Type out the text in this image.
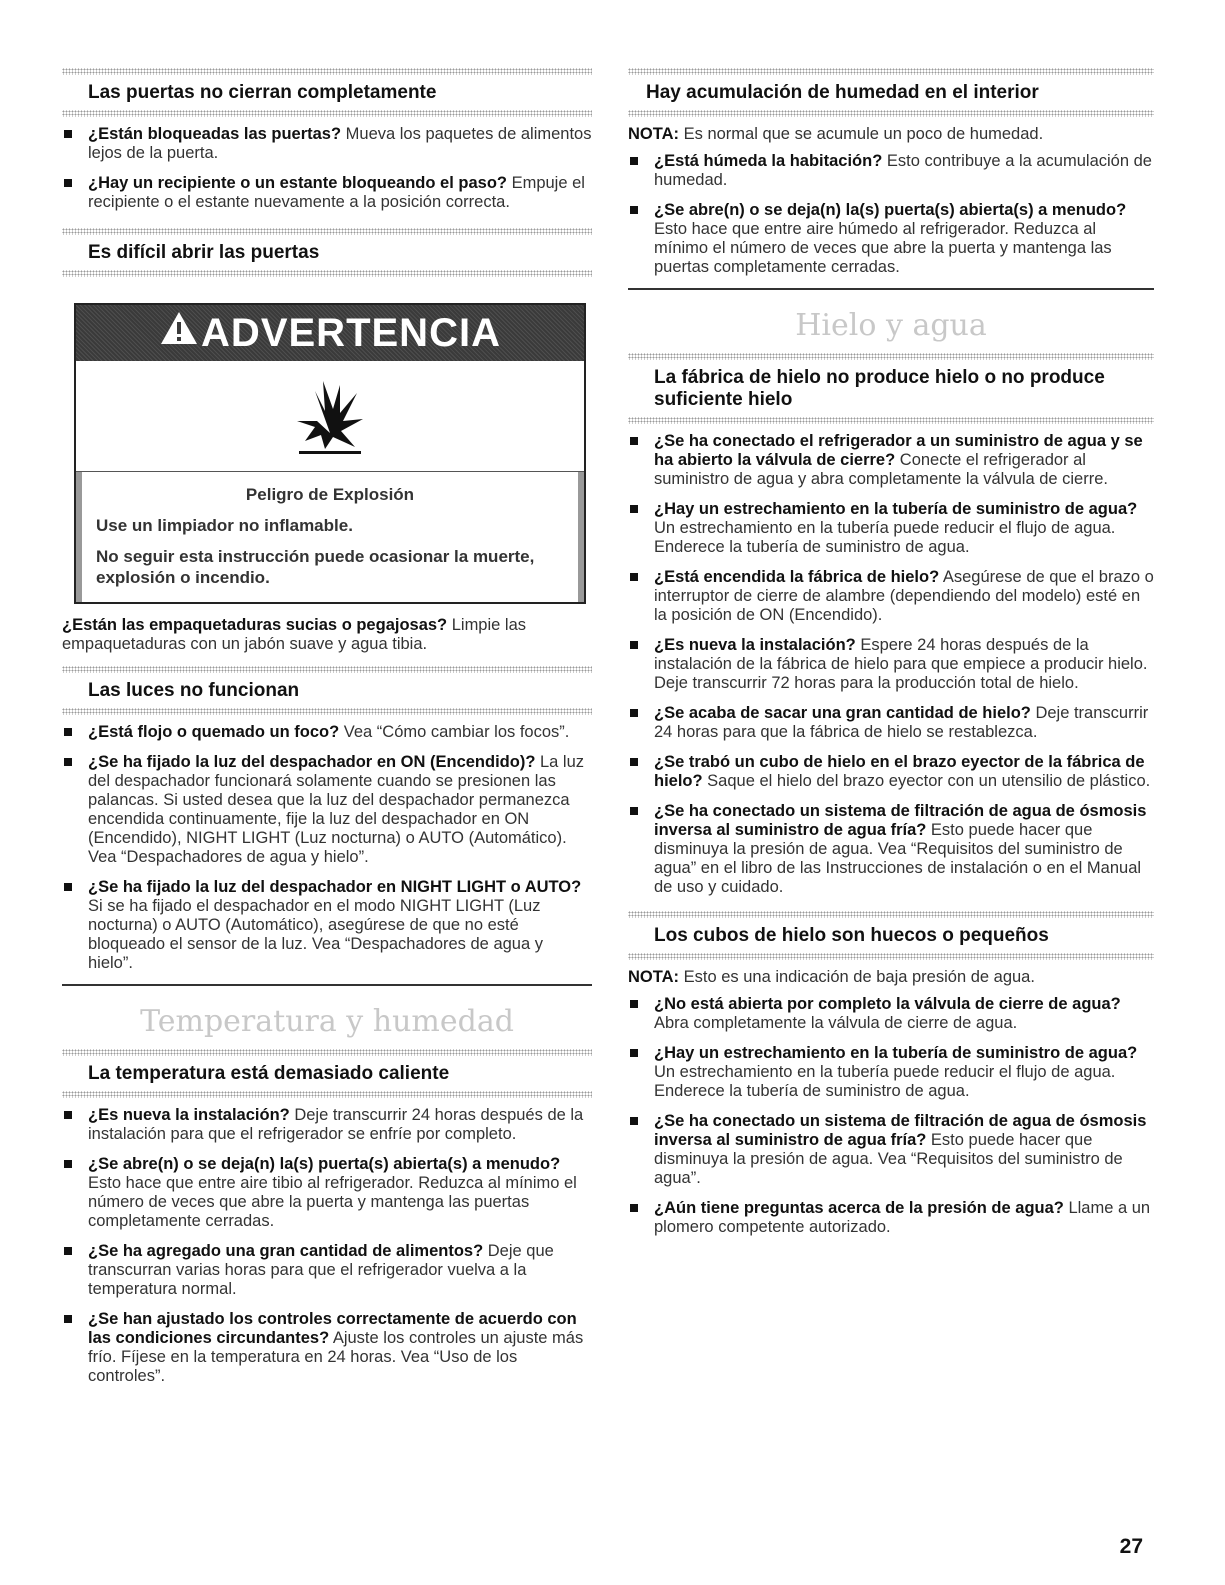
Las puertas no cierran completamente
¿Están bloqueadas las puertas? Mueva los paquetes de alimentos lejos de la puerta.
¿Hay un recipiente o un estante bloqueando el paso? Empuje el recipiente o el estante nuevamente a la posición correcta.
Es difícil abrir las puertas
ADVERTENCIA
Peligro de Explosión

Use un limpiador no inflamable.

No seguir esta instrucción puede ocasionar la muerte, explosión o incendio.

¿Están las empaquetaduras sucias o pegajosas? Limpie las empaquetaduras con un jabón suave y agua tibia.

Las luces no funcionan
¿Está flojo o quemado un foco? Vea “Cómo cambiar los focos”.
¿Se ha fijado la luz del despachador en ON (Encendido)? La luz del despachador funcionará solamente cuando se presionen las palancas. Si usted desea que la luz del despachador permanezca encendida continuamente, fije la luz del despachador en ON (Encendido), NIGHT LIGHT (Luz nocturna) o AUTO (Automático). Vea “Despachadores de agua y hielo”.
¿Se ha fijado la luz del despachador en NIGHT LIGHT o AUTO? Si se ha fijado el despachador en el modo NIGHT LIGHT (Luz nocturna) o AUTO (Automático), asegúrese de que no esté bloqueado el sensor de la luz. Vea “Despachadores de agua y hielo”.
Temperatura y humedad
La temperatura está demasiado caliente
¿Es nueva la instalación? Deje transcurrir 24 horas después de la instalación para que el refrigerador se enfríe por completo.
¿Se abre(n) o se deja(n) la(s) puerta(s) abierta(s) a menudo? Esto hace que entre aire tibio al refrigerador. Reduzca al mínimo el número de veces que abre la puerta y mantenga las puertas completamente cerradas.
¿Se ha agregado una gran cantidad de alimentos? Deje que transcurran varias horas para que el refrigerador vuelva a la temperatura normal.
¿Se han ajustado los controles correctamente de acuerdo con las condiciones circundantes? Ajuste los controles un ajuste más frío. Fíjese en la temperatura en 24 horas. Vea “Uso de los controles”.
Hay acumulación de humedad en el interior

NOTA: Es normal que se acumule un poco de humedad.

¿Está húmeda la habitación? Esto contribuye a la acumulación de humedad.
¿Se abre(n) o se deja(n) la(s) puerta(s) abierta(s) a menudo? Esto hace que entre aire húmedo al refrigerador. Reduzca al mínimo el número de veces que abre la puerta y mantenga las puertas completamente cerradas.
Hielo y agua
La fábrica de hielo no produce hielo o no produce suficiente hielo
¿Se ha conectado el refrigerador a un suministro de agua y se ha abierto la válvula de cierre? Conecte el refrigerador al suministro de agua y abra completamente la válvula de cierre.
¿Hay un estrechamiento en la tubería de suministro de agua? Un estrechamiento en la tubería puede reducir el flujo de agua. Enderece la tubería de suministro de agua.
¿Está encendida la fábrica de hielo? Asegúrese de que el brazo o interruptor de cierre de alambre (dependiendo del modelo) esté en la posición de ON (Encendido).
¿Es nueva la instalación? Espere 24 horas después de la instalación de la fábrica de hielo para que empiece a producir hielo. Deje transcurrir 72 horas para la producción total de hielo.
¿Se acaba de sacar una gran cantidad de hielo? Deje transcurrir 24 horas para que la fábrica de hielo se restablezca.
¿Se trabó un cubo de hielo en el brazo eyector de la fábrica de hielo? Saque el hielo del brazo eyector con un utensilio de plástico.
¿Se ha conectado un sistema de filtración de agua de ósmosis inversa al suministro de agua fría? Esto puede hacer que disminuya la presión de agua. Vea “Requisitos del suministro de agua” en el libro de las Instrucciones de instalación o en el Manual de uso y cuidado.
Los cubos de hielo son huecos o pequeños

NOTA: Esto es una indicación de baja presión de agua.

¿No está abierta por completo la válvula de cierre de agua? Abra completamente la válvula de cierre de agua.
¿Hay un estrechamiento en la tubería de suministro de agua? Un estrechamiento en la tubería puede reducir el flujo de agua. Enderece la tubería de suministro de agua.
¿Se ha conectado un sistema de filtración de agua de ósmosis inversa al suministro de agua fría? Esto puede hacer que disminuya la presión de agua. Vea “Requisitos del suministro de agua”.
¿Aún tiene preguntas acerca de la presión de agua? Llame a un plomero competente autorizado.
27
